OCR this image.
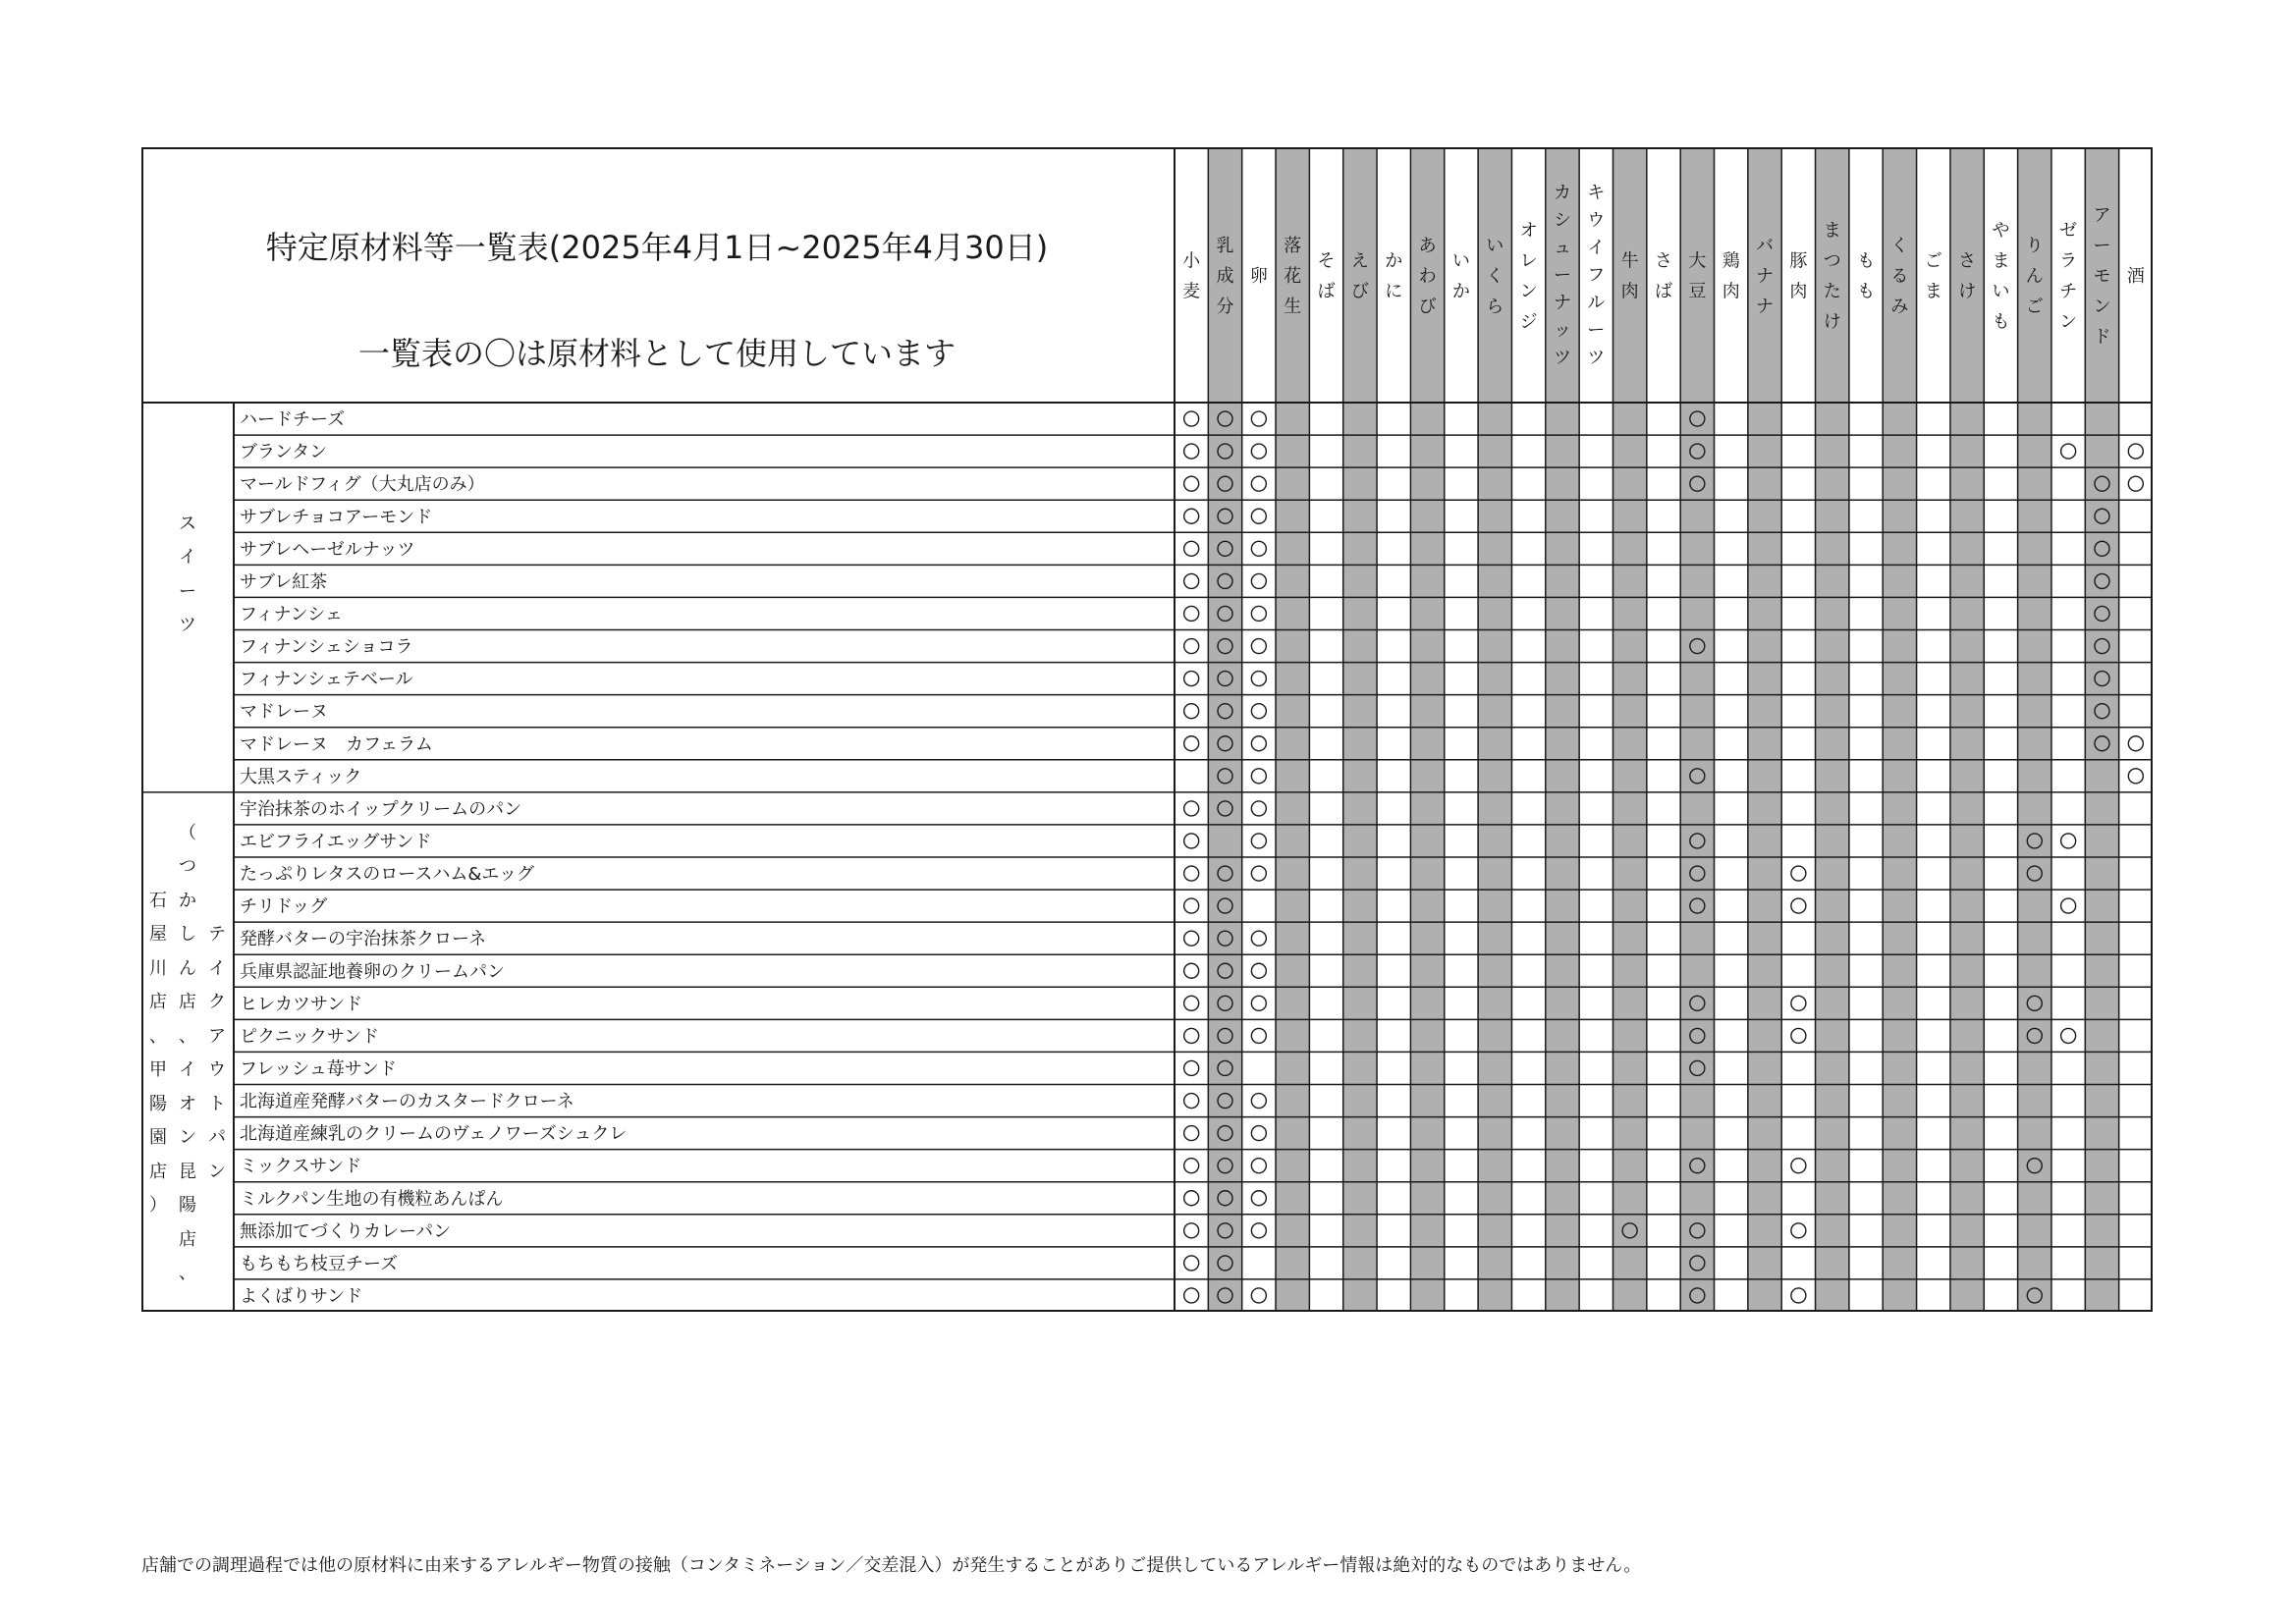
特定原材料等一覧表(2025年4月1日~2025年4月30日)
一覧表の〇は原材料として使用しています
小麦
乳成分
卵
落花生
そば
えび
かに
あわび
いか
いくら
オレンジ
カシューナッツ
キウイフルーツ
牛肉
さば
大豆
鶏肉
バナナ
豚肉
まつたけ
もも
くるみ
ごま
さけ
やまいも
りんご
ゼラチン
アーモンド
酒
ハードチーズ
ブランタン
マールドフィグ（大丸店のみ）
サブレチョコアーモンド
サブレヘーゼルナッツ
サブレ紅茶
フィナンシェ
フィナンシェショコラ
フィナンシェテベール
マドレーヌ
マドレーヌ　カフェラム
大黒スティック
宇治抹茶のホイップクリームのパン
エビフライエッグサンド
たっぷりレタスのロースハム&エッグ
チリドッグ
発酵バターの宇治抹茶クローネ
兵庫県認証地養卵のクリームパン
ヒレカツサンド
ピクニックサンド
フレッシュ苺サンド
北海道産発酵バターのカスタードクローネ
北海道産練乳のクリームのヴェノワーズシュクレ
ミックスサンド
ミルクパン生地の有機粒あんぱん
無添加てづくりカレーパン
もちもち枝豆チーズ
よくばりサンド
ス
イ
ー
ツ
石
屋
川
店
、
甲
陽
園
店
）
（
つ
か
し
ん
店
、
イ
オ
ン
昆
陽
店
、
テ
イ
ク
ア
ウ
ト
パ
ン
店舗での調理過程では他の原材料に由来するアレルギー物質の接触（コンタミネーション／交差混入）が発生することがありご提供しているアレルギー情報は絶対的なものではありません。
